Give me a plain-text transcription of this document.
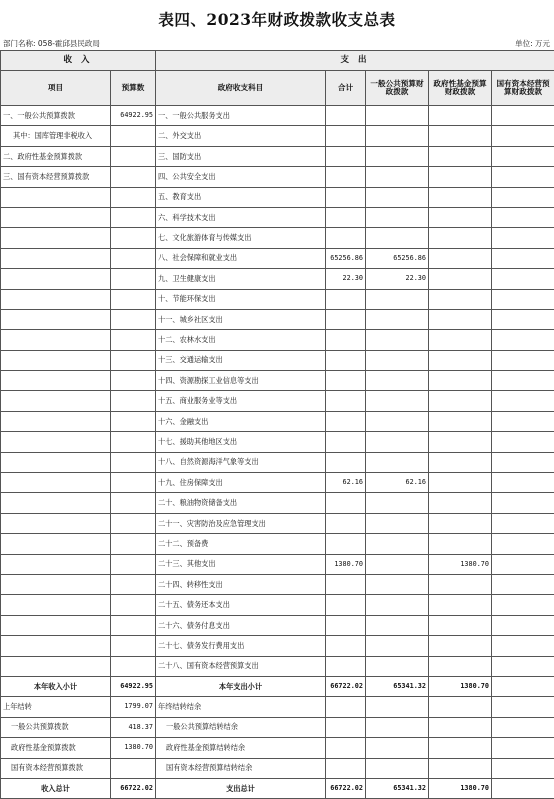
表四、2023年财政拨款收支总表
部门名称: 058-霍邱县民政局	单位: 万元
收 入		支 出				
项目	预算数	政府收支科目	合计	一般公共预算财政拨款	政府性基金预算财政拨款	国有资本经营预算财政拨款
一、一般公共预算拨款	64922.95	一、一般公共服务支出				
其中：国库管理非税收入		二、外交支出				
二、政府性基金预算拨款		三、国防支出				
三、国有资本经营预算拨款		四、公共安全支出				
		五、教育支出				
		六、科学技术支出				
		七、文化旅游体育与传媒支出				
		八、社会保障和就业支出	65256.86	65256.86		
		九、卫生健康支出	22.30	22.30		
		十、节能环保支出				
		十一、城乡社区支出				
		十二、农林水支出				
		十三、交通运输支出				
		十四、资源勘探工业信息等支出				
		十五、商业服务业等支出				
		十六、金融支出				
		十七、援助其他地区支出				
		十八、自然资源海洋气象等支出				
		十九、住房保障支出	62.16	62.16		
		二十、粮油物资储备支出				
		二十一、灾害防治及应急管理支出				
		二十二、预备费				
		二十三、其他支出	1380.70		1380.70	
		二十四、转移性支出				
		二十五、债务还本支出				
		二十六、债务付息支出				
		二十七、债务发行费用支出				
		二十八、国有资本经营预算支出				
本年收入小计	64922.95	本年支出小计	66722.02	65341.32	1380.70	
上年结转	1799.07	年终结转结余				
一般公共预算拨款	418.37	一般公共预算结转结余				
政府性基金预算拨款	1380.70	政府性基金预算结转结余				
国有资本经营预算拨款		国有资本经营预算结转结余				
收入总计	66722.02	支出总计	66722.02	65341.32	1380.70	
